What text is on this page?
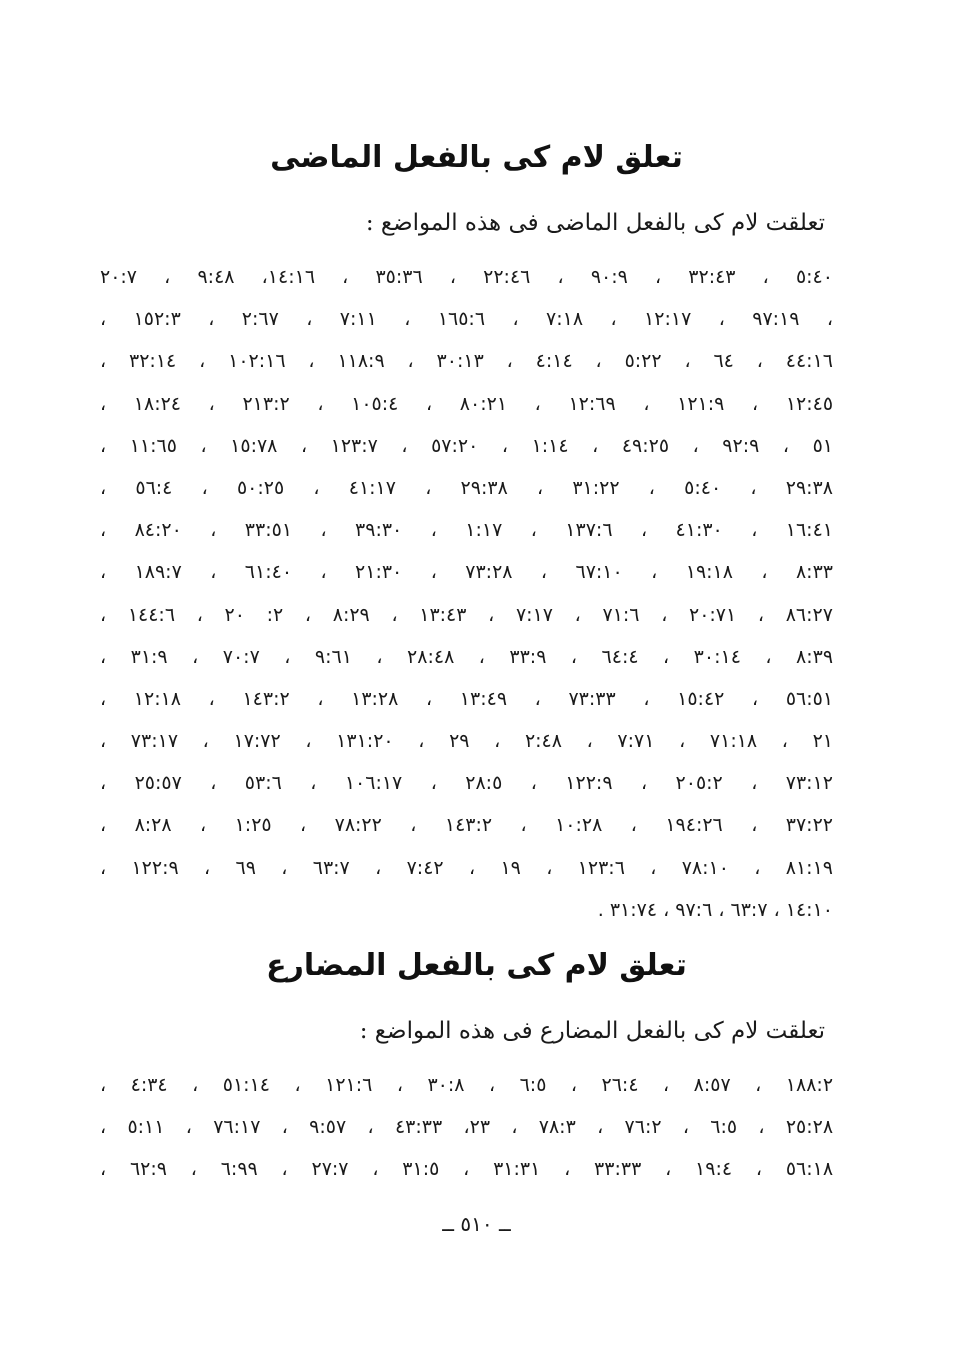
تعلق لام كى بالفعل الماضى
تعلقت لام كى بالفعل الماضى فى هذه المواضع :
٥:٤٠ ، ٣٢:٤٣ ، ٩٠:٩ ، ٢٢:٤٦ ، ٣٥:٣٦ ، ١٤:١٦، ٩:٤٨ ، ٢٠:٧
، ٩٧:١٩ ، ١٢:١٧ ، ٧:١٨ ، ١٦٥:٦ ، ٧:١١ ، ٢:٦٧ ، ١٥٢:٣ ،
٤٤:١٦ ، ٦٤ ، ٥:٢٢ ، ٤:١٤ ، ٣٠:١٣ ، ١١٨:٩ ، ١٠٢:١٦ ، ٣٢:١٤ ،
١٢:٤٥ ، ١٢١:٩ ، ١٢:٦٩ ، ٨٠:٢١ ، ١٠٥:٤ ، ٢١٣:٢ ، ١٨:٢٤ ،
٥١ ، ٩٢:٩ ، ٤٩:٢٥ ، ١:١٤ ، ٥٧:٢٠ ، ١٢٣:٧ ، ١٥:٧٨ ، ١١:٦٥ ،
٢٩:٣٨ ، ٥:٤٠ ، ٣١:٢٢ ، ٢٩:٣٨ ، ٤١:١٧ ، ٥٠:٢٥ ، ٥٦:٤ ،
١٦:٤١ ، ٤١:٣٠ ، ١٣٧:٦ ، ١:١٧ ، ٣٩:٣٠ ، ٣٣:٥١ ، ٨٤:٢٠ ،
٨:٣٣ ، ١٩:١٨ ، ٦٧:١٠ ، ٧٣:٢٨ ، ٢١:٣٠ ، ٦١:٤٠ ، ١٨٩:٧ ،
٨٦:٢٧ ، ٢٠:٧١ ، ٧١:٦ ، ٧:١٧ ، ١٣:٤٣ ، ٨:٢٩ ، ٢: ٢٠ ، ١٤٤:٦ ،
٨:٣٩ ، ٣٠:١٤ ، ٦٤:٤ ، ٣٣:٩ ، ٢٨:٤٨ ، ٩:٦١ ، ٧٠:٧ ، ٣١:٩ ،
٥٦:٥١ ، ١٥:٤٢ ، ٧٣:٣٣ ، ١٣:٤٩ ، ١٣:٢٨ ، ١٤٣:٢ ، ١٢:١٨ ،
٢١ ، ٧١:١٨ ، ٧:٧١ ، ٢:٤٨ ، ٢٩ ، ١٣١:٢٠ ، ١٧:٧٢ ، ٧٣:١٧ ،
٧٣:١٢ ، ٢٠٥:٢ ، ١٢٢:٩ ، ٢٨:٥ ، ١٠٦:١٧ ، ٥٣:٦ ، ٢٥:٥٧ ،
٣٧:٢٢ ، ١٩٤:٢٦ ، ١٠:٢٨ ، ١٤٣:٢ ، ٧٨:٢٢ ، ١:٢٥ ، ٨:٢٨ ،
٨١:١٩ ، ٧٨:١٠ ، ١٢٣:٦ ، ١٩ ، ٧:٤٢ ، ٦٣:٧ ، ٦٩ ، ١٢٢:٩ ،
١٤:١٠ ، ٦٣:٧ ، ٩٧:٦ ، ٣١:٧٤ .
تعلق لام كى بالفعل المضارع
تعلقت لام كى بالفعل المضارع فى هذه المواضع :
١٨٨:٢ ، ٨:٥٧ ، ٢٦:٤ ، ٦:٥ ، ٣٠:٨ ، ١٢١:٦ ، ٥١:١٤ ، ٤:٣٤ ،
٢٥:٢٨ ، ٦:٥ ، ٧٦:٢ ، ٧٨:٣ ، ٢٣، ٤٣:٣٣ ، ٩:٥٧ ، ٧٦:١٧ ، ٥:١١ ،
٥٦:١٨ ، ١٩:٤ ، ٣٣:٣٣ ، ٣١:٣١ ، ٣١:٥ ، ٢٧:٧ ، ٦:٩٩ ، ٦٢:٩ ،
ــ ٥١٠ ــ
